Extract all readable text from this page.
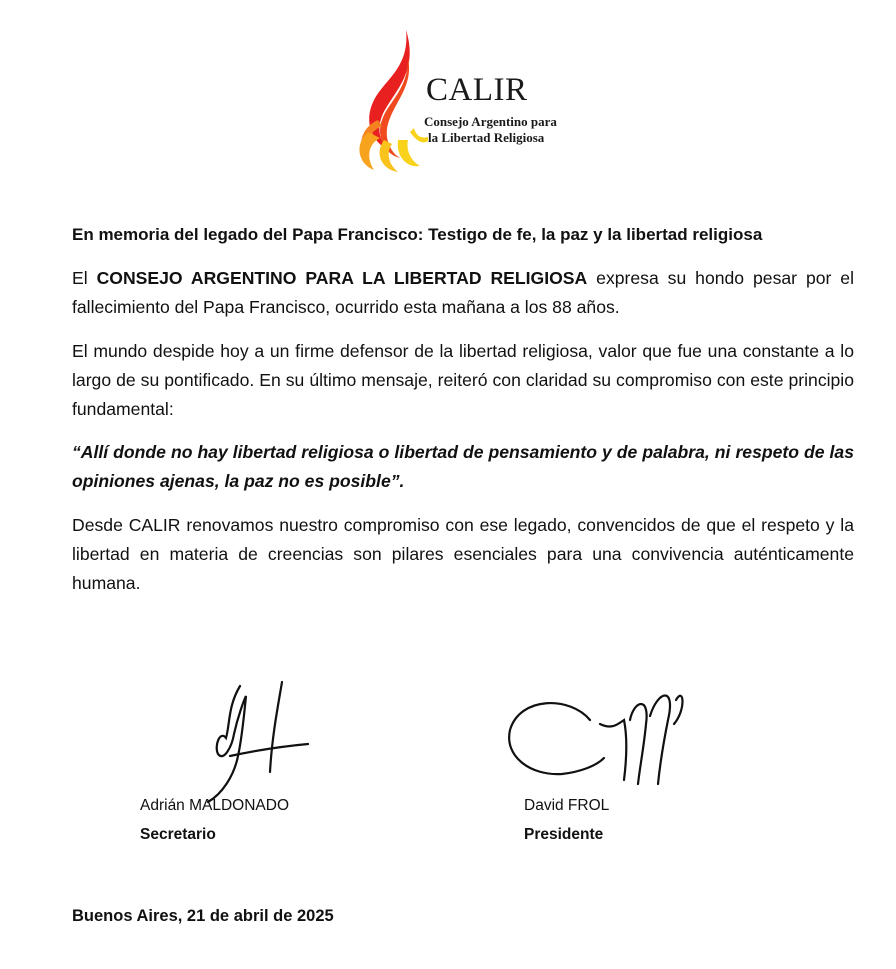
CALIR
Consejo Argentino para
la Libertad Religiosa
En memoria del legado del Papa Francisco: Testigo de fe, la paz y la libertad religiosa
El CONSEJO ARGENTINO PARA LA LIBERTAD RELIGIOSA expresa su hondo pesar por el fallecimiento del Papa Francisco, ocurrido esta mañana a los 88 años.
El mundo despide hoy a un firme defensor de la libertad religiosa, valor que fue una constante a lo largo de su pontificado. En su último mensaje, reiteró con claridad su compromiso con este principio fundamental:
“Allí donde no hay libertad religiosa o libertad de pensamiento y de palabra, ni respeto de las opiniones ajenas, la paz no es posible”.
Desde CALIR renovamos nuestro compromiso con ese legado, convencidos de que el respeto y la libertad en materia de creencias son pilares esenciales para una convivencia auténticamente humana.
Adrián MALDONADO
Secretario
David FROL
Presidente
Buenos Aires, 21 de abril de 2025
